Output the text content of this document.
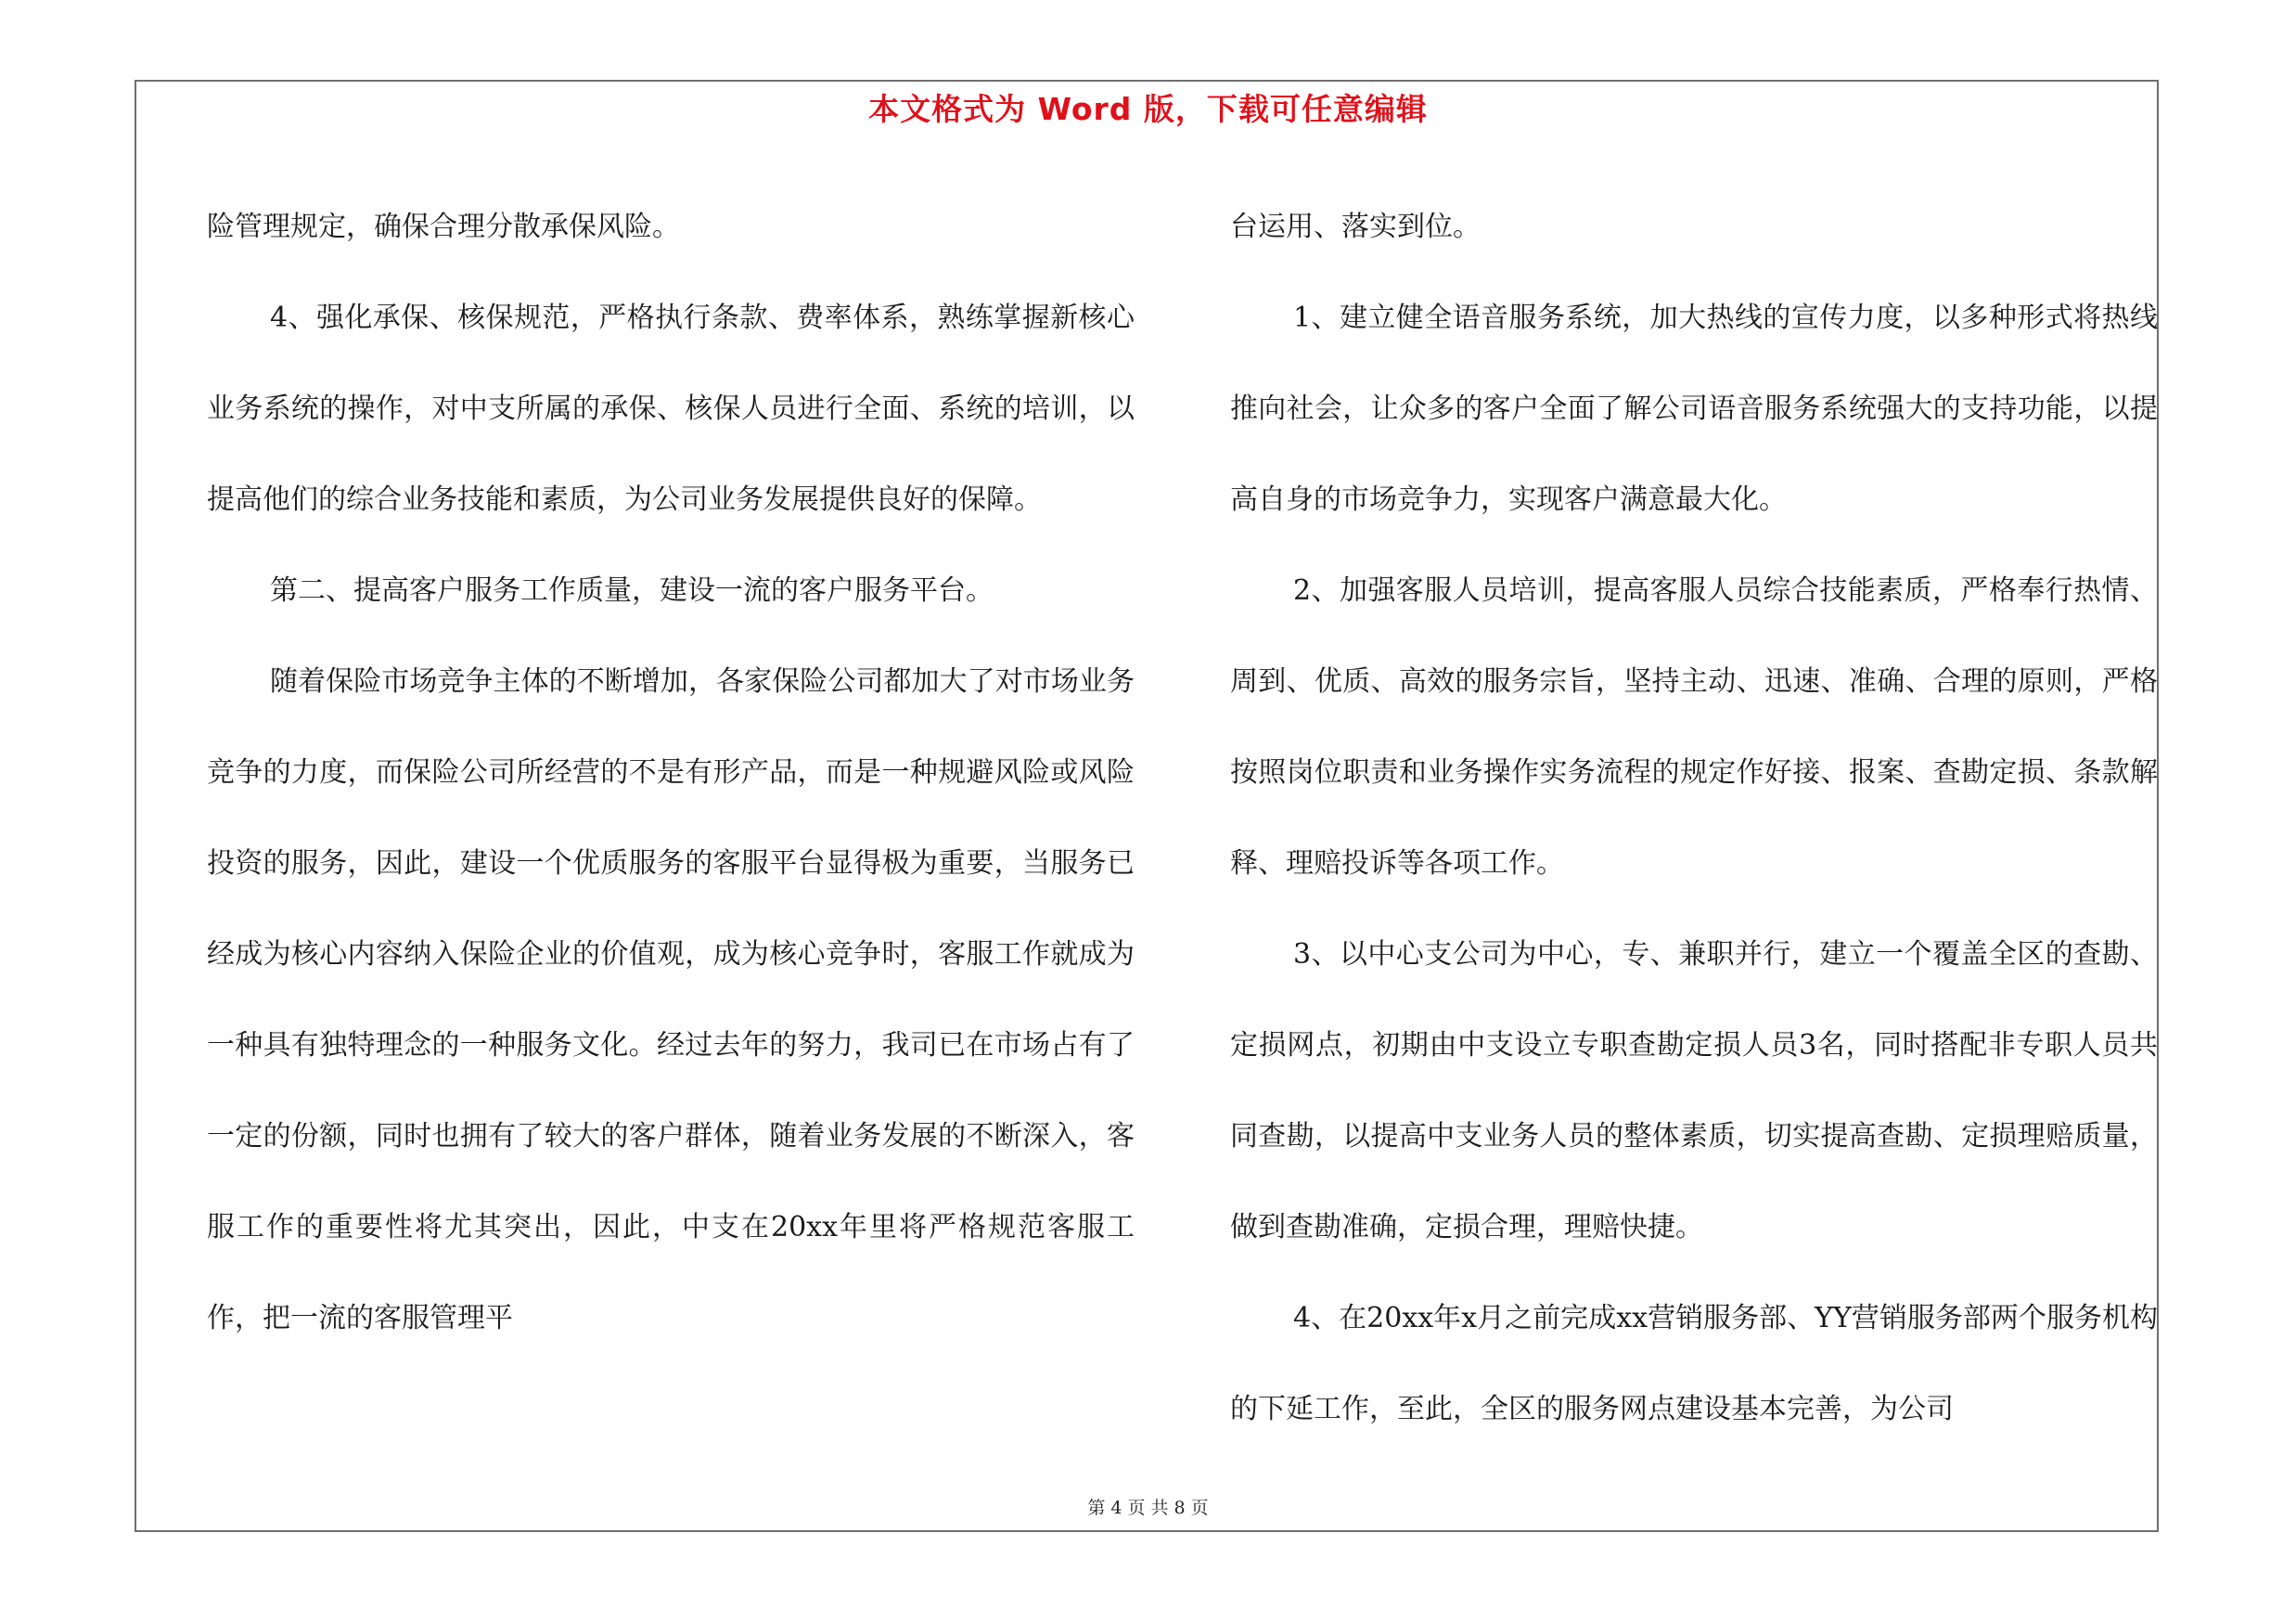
本文格式为 Word 版，下载可任意编辑

险管理规定，确保合理分散承保风险。

4、强化承保、核保规范，严格执行条款、费率体系，熟练掌握新核心业务系统的操作，对中支所属的承保、核保人员进行全面、系统的培训，以提高他们的综合业务技能和素质，为公司业务发展提供良好的保障。

第二、提高客户服务工作质量，建设一流的客户服务平台。

随着保险市场竞争主体的不断增加，各家保险公司都加大了对市场业务竞争的力度，而保险公司所经营的不是有形产品，而是一种规避风险或风险投资的服务，因此，建设一个优质服务的客服平台显得极为重要，当服务已经成为核心内容纳入保险企业的价值观，成为核心竞争时，客服工作就成为一种具有独特理念的一种服务文化。经过去年的努力，我司已在市场占有了一定的份额，同时也拥有了较大的客户群体，随着业务发展的不断深入，客服工作的重要性将尤其突出，因此，中支在20xx年里将严格规范客服工作，把一流的客服管理平

台运用、落实到位。

1、建立健全语音服务系统，加大热线的宣传力度，以多种形式将热线推向社会，让众多的客户全面了解公司语音服务系统强大的支持功能，以提高自身的市场竞争力，实现客户满意最大化。

2、加强客服人员培训，提高客服人员综合技能素质，严格奉行热情、周到、优质、高效的服务宗旨，坚持主动、迅速、准确、合理的原则，严格按照岗位职责和业务操作实务流程的规定作好接、报案、查勘定损、条款解释、理赔投诉等各项工作。

3、以中心支公司为中心，专、兼职并行，建立一个覆盖全区的查勘、定损网点，初期由中支设立专职查勘定损人员3名，同时搭配非专职人员共同查勘，以提高中支业务人员的整体素质，切实提高查勘、定损理赔质量，做到查勘准确，定损合理，理赔快捷。

4、在20xx年x月之前完成xx营销服务部、YY营销服务部两个服务机构的下延工作，至此，全区的服务网点建设基本完善，为公司

第 4 页 共 8 页
